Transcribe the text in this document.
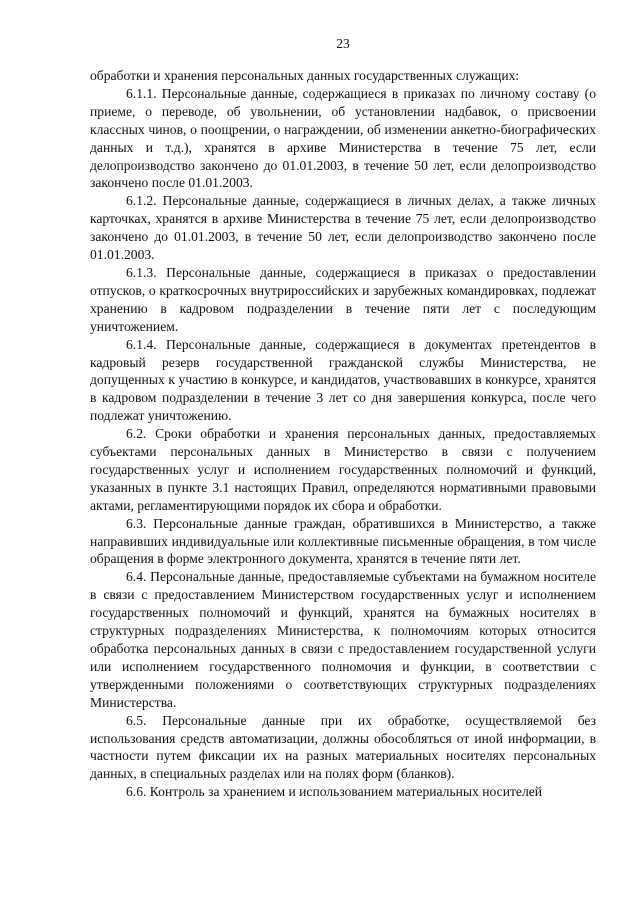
23

обработки и хранения персональных данных государственных служащих:

6.1.1. Персональные данные, содержащиеся в приказах по личному составу (о приеме, о переводе, об увольнении, об установлении надбавок, о присвоении классных чинов, о поощрении, о награждении, об изменении анкетно-биографических данных и т.д.), хранятся в архиве Министерства в течение 75 лет, если делопроизводство закончено до 01.01.2003, в течение 50 лет, если делопроизводство закончено после 01.01.2003.

6.1.2. Персональные данные, содержащиеся в личных делах, а также личных карточках, хранятся в архиве Министерства в течение 75 лет, если делопроизводство закончено до 01.01.2003, в течение 50 лет, если делопроизводство закончено после 01.01.2003.

6.1.3. Персональные данные, содержащиеся в приказах о предоставлении отпусков, о краткосрочных внутрироссийских и зарубежных командировках, подлежат хранению в кадровом подразделении в течение пяти лет с последующим уничтожением.

6.1.4. Персональные данные, содержащиеся в документах претендентов в кадровый резерв государственной гражданской службы Министерства, не допущенных к участию в конкурсе, и кандидатов, участвовавших в конкурсе, хранятся в кадровом подразделении в течение 3 лет со дня завершения конкурса, после чего подлежат уничтожению.

6.2. Сроки обработки и хранения персональных данных, предоставляемых субъектами персональных данных в Министерство в связи с получением государственных услуг и исполнением государственных полномочий и функций, указанных в пункте 3.1 настоящих Правил, определяются нормативными правовыми актами, регламентирующими порядок их сбора и обработки.

6.3. Персональные данные граждан, обратившихся в Министерство, а также направивших индивидуальные или коллективные письменные обращения, в том числе обращения в форме электронного документа, хранятся в течение пяти лет.

6.4. Персональные данные, предоставляемые субъектами на бумажном носителе в связи с предоставлением Министерством государственных услуг и исполнением государственных полномочий и функций, хранятся на бумажных носителях в структурных подразделениях Министерства, к полномочиям которых относится обработка персональных данных в связи с предоставлением государственной услуги или исполнением государственного полномочия и функции, в соответствии с утвержденными положениями о соответствующих структурных подразделениях Министерства.

6.5. Персональные данные при их обработке, осуществляемой без использования средств автоматизации, должны обособляться от иной информации, в частности путем фиксации их на разных материальных носителях персональных данных, в специальных разделах или на полях форм (бланков).

6.6. Контроль за хранением и использованием материальных носителей
